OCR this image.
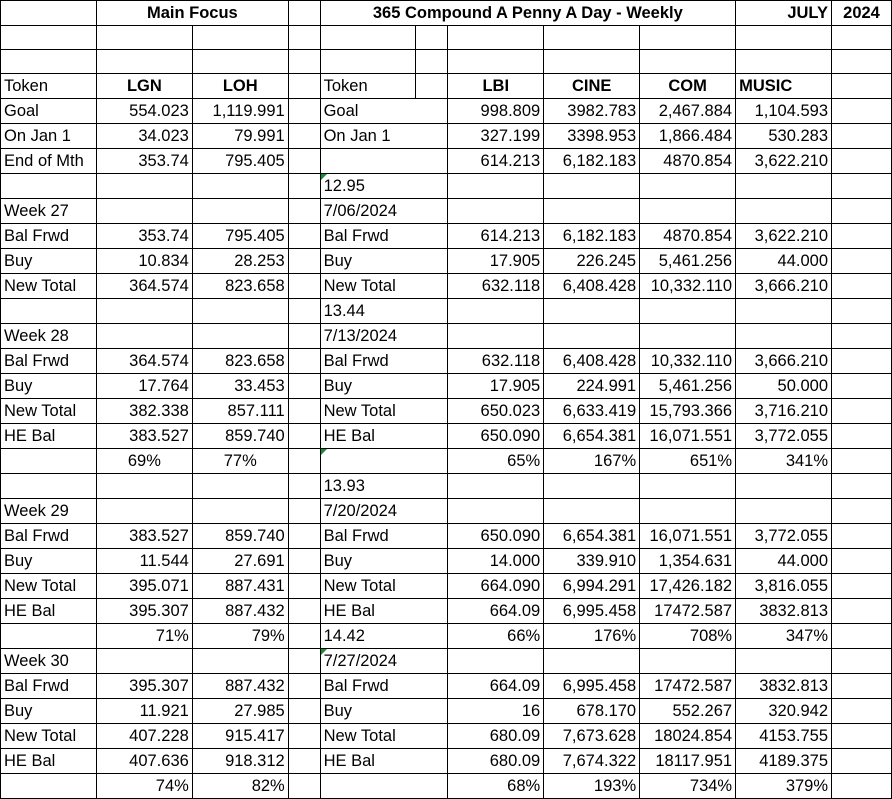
	Main Focus			365 Compound A Penny A Day - Weekly					JULY	2024

Token	LGN	LOH		Token		LBI	CINE	COM	MUSIC	
Goal	554.023	1,119.991		Goal		998.809	3982.783	2,467.884	1,104.593	
On Jan 1	34.023	79.991		On Jan 1		327.199	3398.953	1,866.484	530.283	
End of Mth	353.74	795.405				614.213	6,182.183	4870.854	3,622.210	
				12.95						
Week 27				7/06/2024						
Bal Frwd	353.74	795.405		Bal Frwd		614.213	6,182.183	4870.854	3,622.210	
Buy	10.834	28.253		Buy		17.905	226.245	5,461.256	44.000	
New Total	364.574	823.658		New Total		632.118	6,408.428	10,332.110	3,666.210	
				13.44						
Week 28				7/13/2024						
Bal Frwd	364.574	823.658		Bal Frwd		632.118	6,408.428	10,332.110	3,666.210	
Buy	17.764	33.453		Buy		17.905	224.991	5,461.256	50.000	
New Total	382.338	857.111		New Total		650.023	6,633.419	15,793.366	3,716.210	
HE Bal	383.527	859.740		HE Bal		650.090	6,654.381	16,071.551	3,772.055	
	69%	77%				65%	167%	651%	341%	
				13.93						
Week 29				7/20/2024						
Bal Frwd	383.527	859.740		Bal Frwd		650.090	6,654.381	16,071.551	3,772.055	
Buy	11.544	27.691		Buy		14.000	339.910	1,354.631	44.000	
New Total	395.071	887.431		New Total		664.090	6,994.291	17,426.182	3,816.055	
HE Bal	395.307	887.432		HE Bal		664.09	6,995.458	17472.587	3832.813	
	71%	79%		14.42		66%	176%	708%	347%	
Week 30				7/27/2024						
Bal Frwd	395.307	887.432		Bal Frwd		664.09	6,995.458	17472.587	3832.813	
Buy	11.921	27.985		Buy		16	678.170	552.267	320.942	
New Total	407.228	915.417		New Total		680.09	7,673.628	18024.854	4153.755	
HE Bal	407.636	918.312		HE Bal		680.09	7,674.322	18117.951	4189.375	
	74%	82%				68%	193%	734%	379%	
